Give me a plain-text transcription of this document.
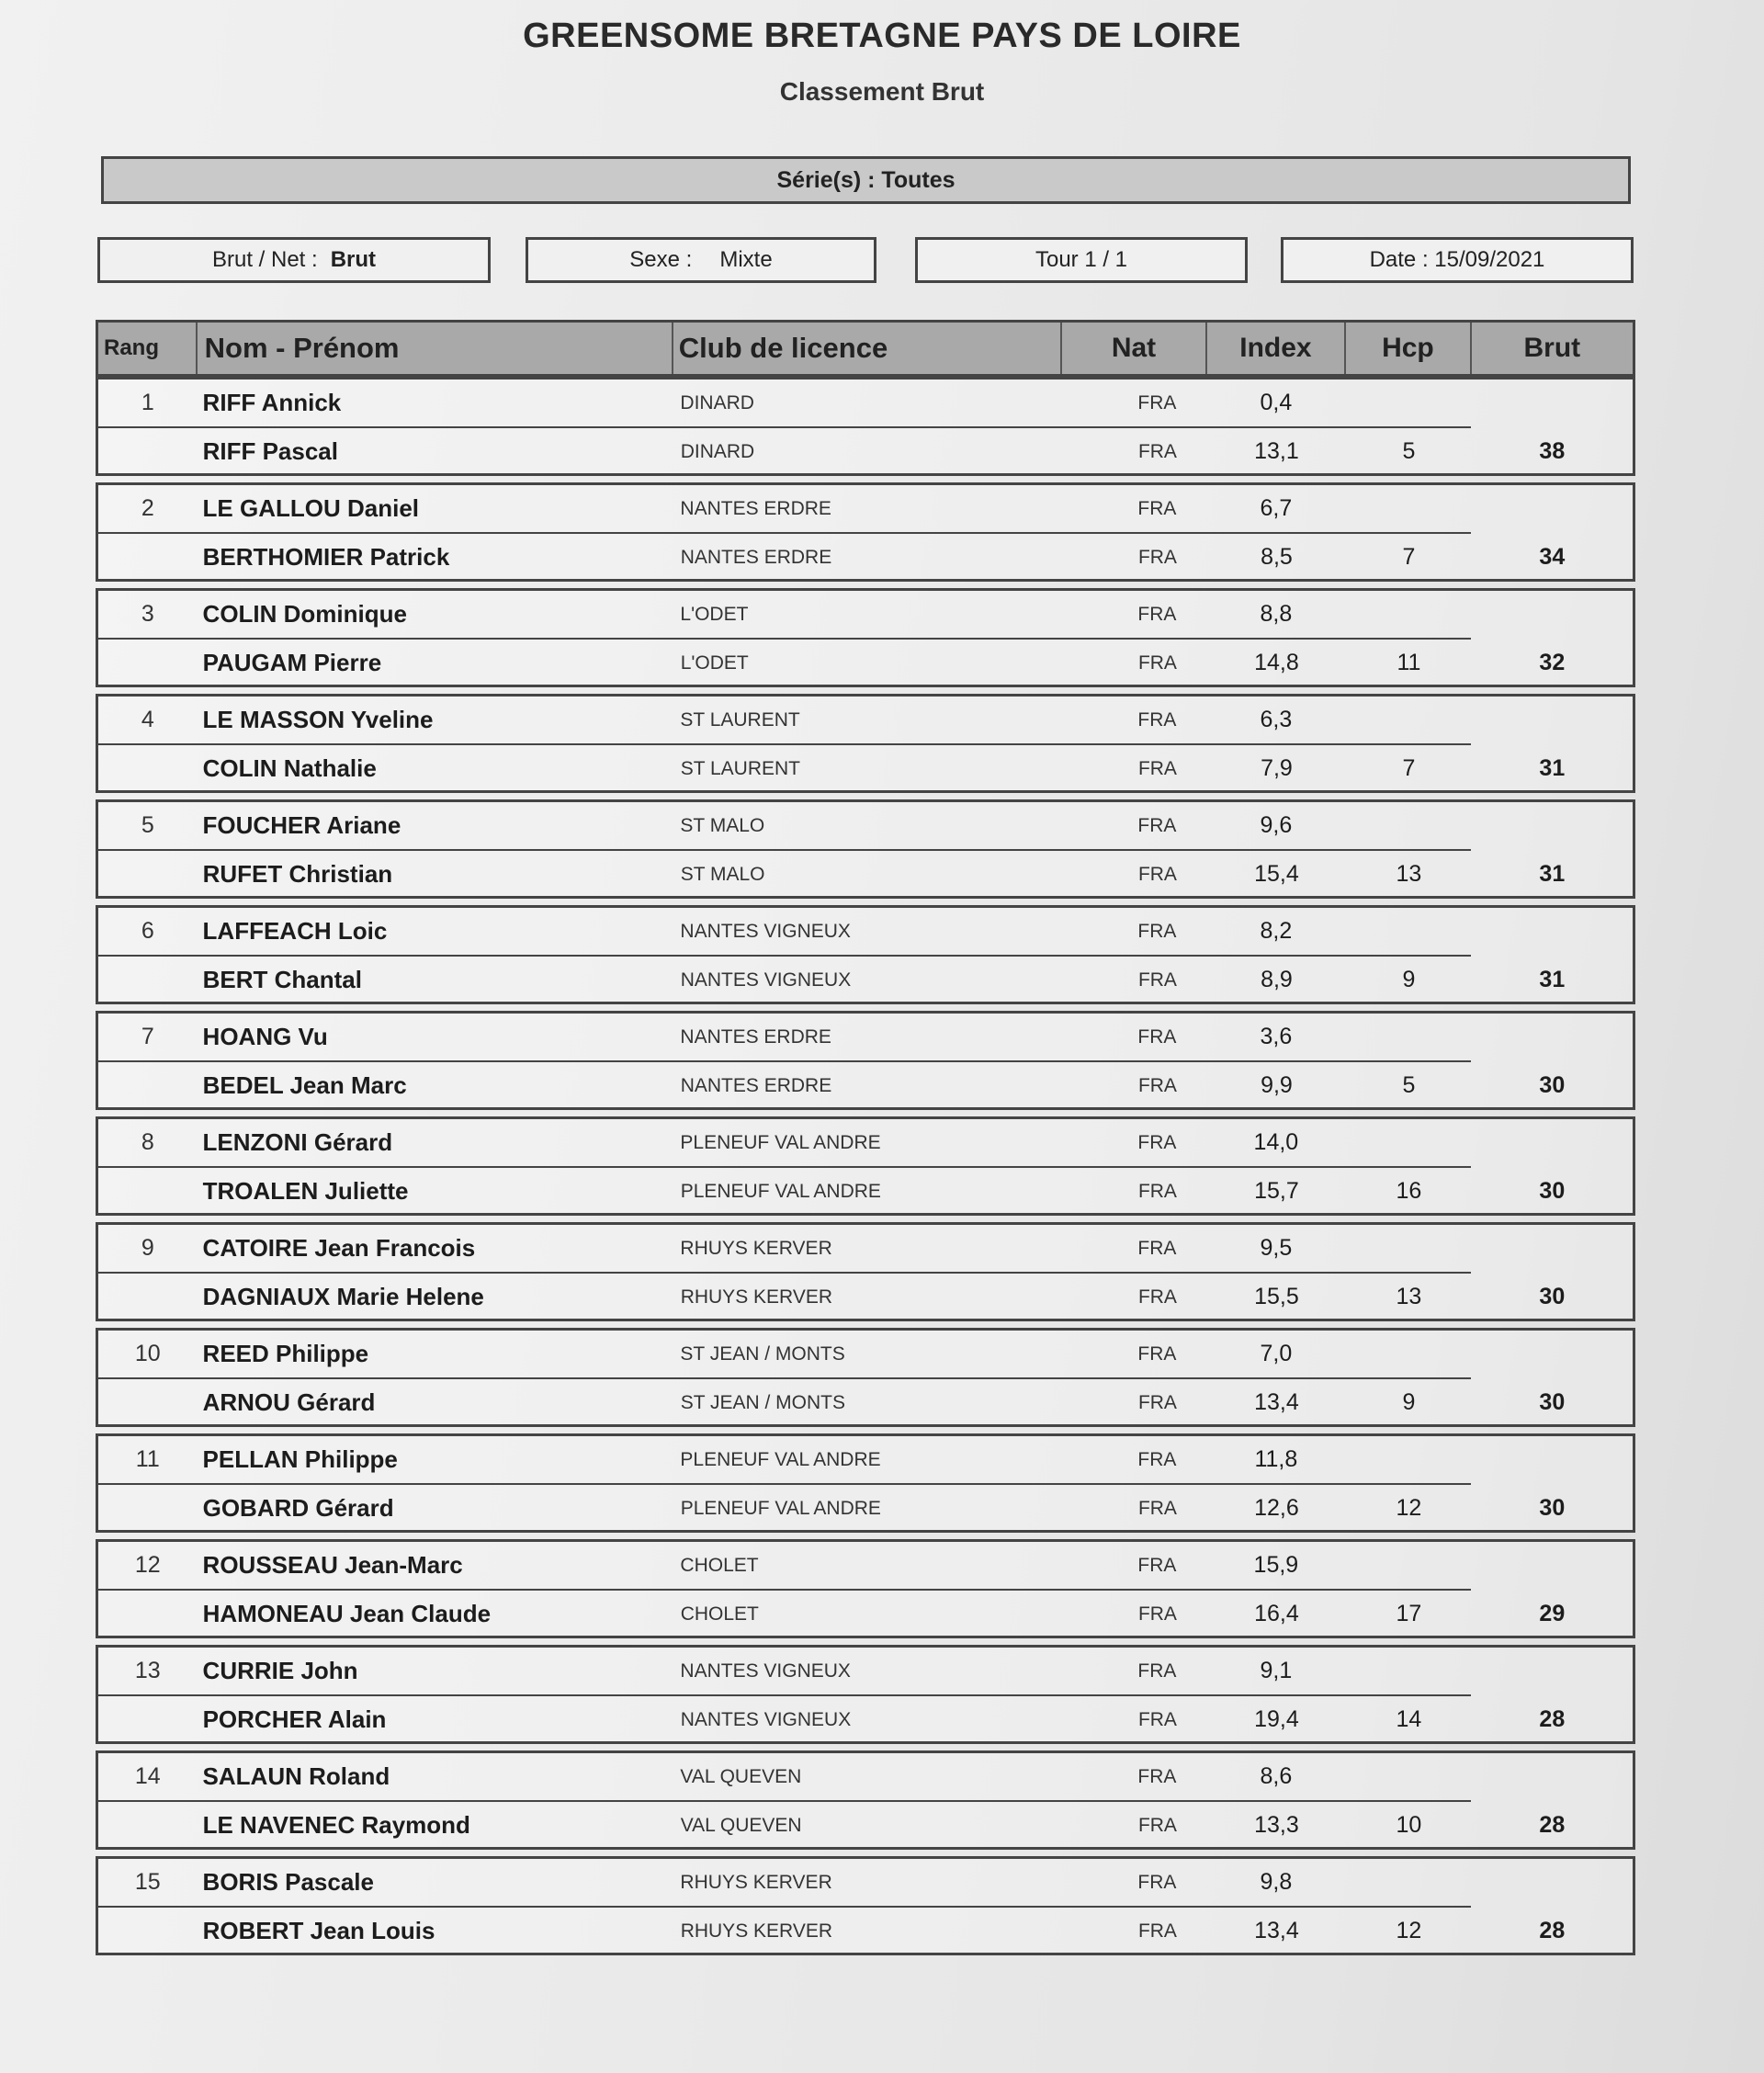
GREENSOME BRETAGNE PAYS DE LOIRE
Classement Brut
Série(s) : Toutes
Brut / Net : Brut	Sexe : Mixte	Tour 1 / 1	Date : 15/09/2021
Rang	Nom - Prénom	Club de licence	Nat	Index	Hcp	Brut
1	RIFF Annick	DINARD	FRA	0,4
RIFF Pascal	DINARD	FRA	13,1	5	38
2	LE GALLOU Daniel	NANTES ERDRE	FRA	6,7
BERTHOMIER Patrick	NANTES ERDRE	FRA	8,5	7	34
3	COLIN Dominique	L'ODET	FRA	8,8
PAUGAM Pierre	L'ODET	FRA	14,8	11	32
4	LE MASSON Yveline	ST LAURENT	FRA	6,3
COLIN Nathalie	ST LAURENT	FRA	7,9	7	31
5	FOUCHER Ariane	ST MALO	FRA	9,6
RUFET Christian	ST MALO	FRA	15,4	13	31
6	LAFFEACH Loic	NANTES VIGNEUX	FRA	8,2
BERT Chantal	NANTES VIGNEUX	FRA	8,9	9	31
7	HOANG Vu	NANTES ERDRE	FRA	3,6
BEDEL Jean Marc	NANTES ERDRE	FRA	9,9	5	30
8	LENZONI Gérard	PLENEUF VAL ANDRE	FRA	14,0
TROALEN Juliette	PLENEUF VAL ANDRE	FRA	15,7	16	30
9	CATOIRE Jean Francois	RHUYS KERVER	FRA	9,5
DAGNIAUX Marie Helene	RHUYS KERVER	FRA	15,5	13	30
10	REED Philippe	ST JEAN / MONTS	FRA	7,0
ARNOU Gérard	ST JEAN / MONTS	FRA	13,4	9	30
11	PELLAN Philippe	PLENEUF VAL ANDRE	FRA	11,8
GOBARD Gérard	PLENEUF VAL ANDRE	FRA	12,6	12	30
12	ROUSSEAU Jean-Marc	CHOLET	FRA	15,9
HAMONEAU Jean Claude	CHOLET	FRA	16,4	17	29
13	CURRIE John	NANTES VIGNEUX	FRA	9,1
PORCHER Alain	NANTES VIGNEUX	FRA	19,4	14	28
14	SALAUN Roland	VAL QUEVEN	FRA	8,6
LE NAVENEC Raymond	VAL QUEVEN	FRA	13,3	10	28
15	BORIS Pascale	RHUYS KERVER	FRA	9,8
ROBERT Jean Louis	RHUYS KERVER	FRA	13,4	12	28
